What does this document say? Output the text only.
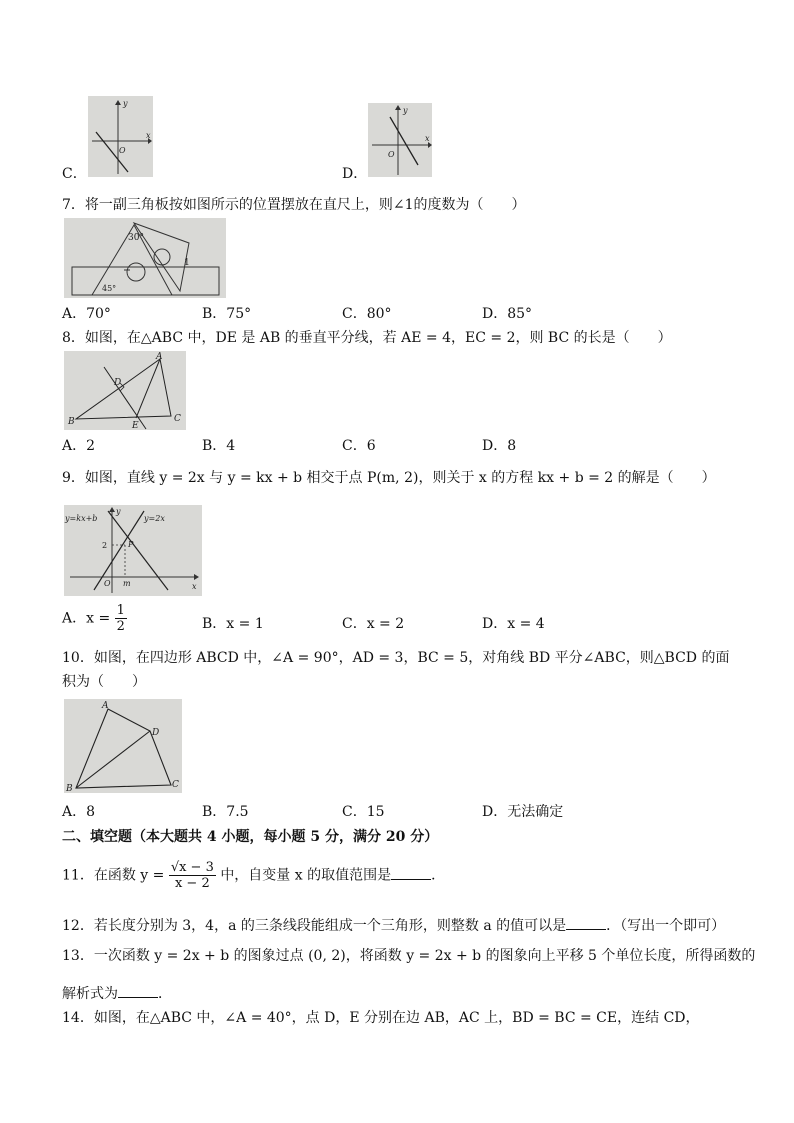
C．
y
x
O
D．
y
x
O
7．将一副三角板按如图所示的位置摆放在直尺上，则∠1的度数为（　　）
30°
45°
1
A．70°	B．75°	C．80°	D．85°
8．如图，在△ABC 中，DE 是 AB 的垂直平分线，若 AE = 4，EC = 2，则 BC 的长是（　　）
A
B	C
D
E
A．2	B．4	C．6	D．8
9．如图，直线 y = 2x 与 y = kx + b 相交于点 P(m, 2)，则关于 x 的方程 kx + b = 2 的解是（　　）
y=kx+b	y=2x
y
x
2	P
O m
A．$x = \frac{1}{2}$	B．x = 1	C．x = 2	D．x = 4
10．如图，在四边形 ABCD 中，∠A = 90°，AD = 3，BC = 5，对角线 BD 平分∠ABC，则△BCD 的面
积为（　　）
A
B	C
D
A．8	B．7.5	C．15	D．无法确定
二、填空题（本大题共 4 小题，每小题 5 分，满分 20 分）
11．在函数 $y = \frac{√x - 3}{x - 2}$ 中，自变量 x 的取值范围是	．
12．若长度分别为 3，4，a 的三条线段能组成一个三角形，则整数 a 的值可以是	．（写出一个即可）
13．一次函数 y = 2x + b 的图象过点 (0, 2)，将函数 y = 2x + b 的图象向上平移 5 个单位长度，所得函数的
解析式为	．
14．如图，在△ABC 中，∠A = 40°，点 D，E 分别在边 AB，AC 上，BD = BC = CE，连结 CD，
